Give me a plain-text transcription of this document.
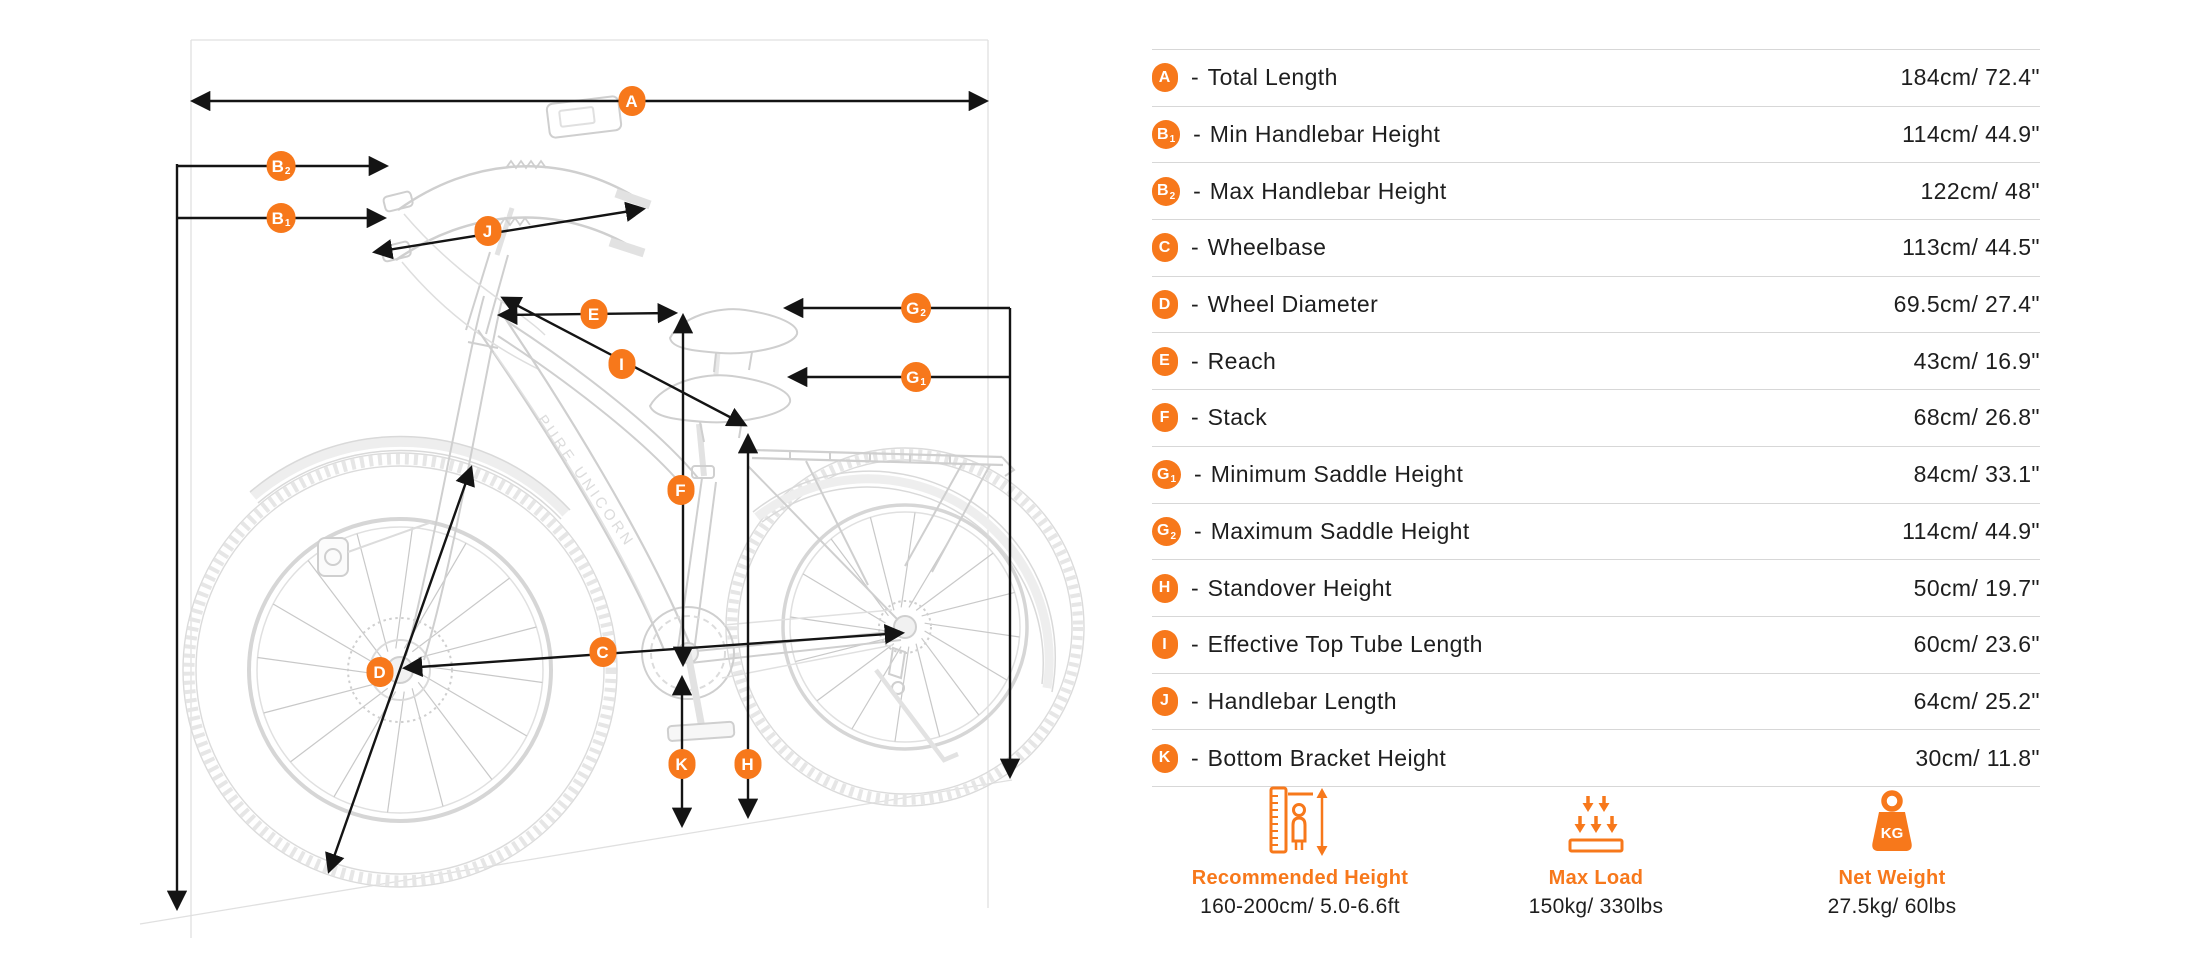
PURE UNICORN
A
B 2
B 1	J
E
I
G 2
G 1
F
C
D
K	H
A - Total Length	184cm/ 72.4"
B 1 - Min Handlebar Height	114cm/ 44.9"
B 2 - Max Handlebar Height	122cm/ 48"
C - Wheelbase	113cm/ 44.5"
D - Wheel Diameter	69.5cm/ 27.4"
E - Reach	43cm/ 16.9"
F - Stack	68cm/ 26.8"
G 1 - Minimum Saddle Height	84cm/ 33.1"
G 2 - Maximum Saddle Height	114cm/ 44.9"
H - Standover Height	50cm/ 19.7"
I - Effective Top Tube Length	60cm/ 23.6"
J - Handlebar Length	64cm/ 25.2"
K - Bottom Bracket Height	30cm/ 11.8"
Recommended Height
160-200cm/ 5.0-6.6ft
Max Load
150kg/ 330lbs
KG
Net Weight
27.5kg/ 60lbs
